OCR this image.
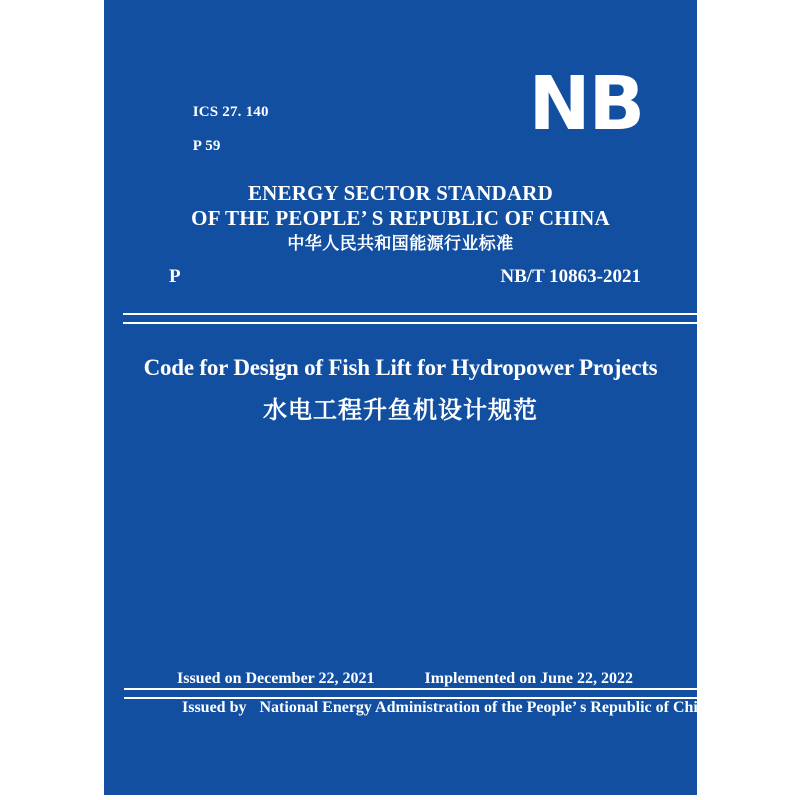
ICS 27. 140

P 59
	NB
ENERGY SECTOR STANDARD
OF THE PEOPLE’ S REPUBLIC OF CHINA
中华人民共和国能源行业标准
P	NB/T 10863-2021
Code for Design of Fish Lift for Hydropower Projects
水电工程升鱼机设计规范
Issued on December 22, 2021	Implemented on June 22, 2022
Issued by National Energy Administration of the People’ s Republic of China
